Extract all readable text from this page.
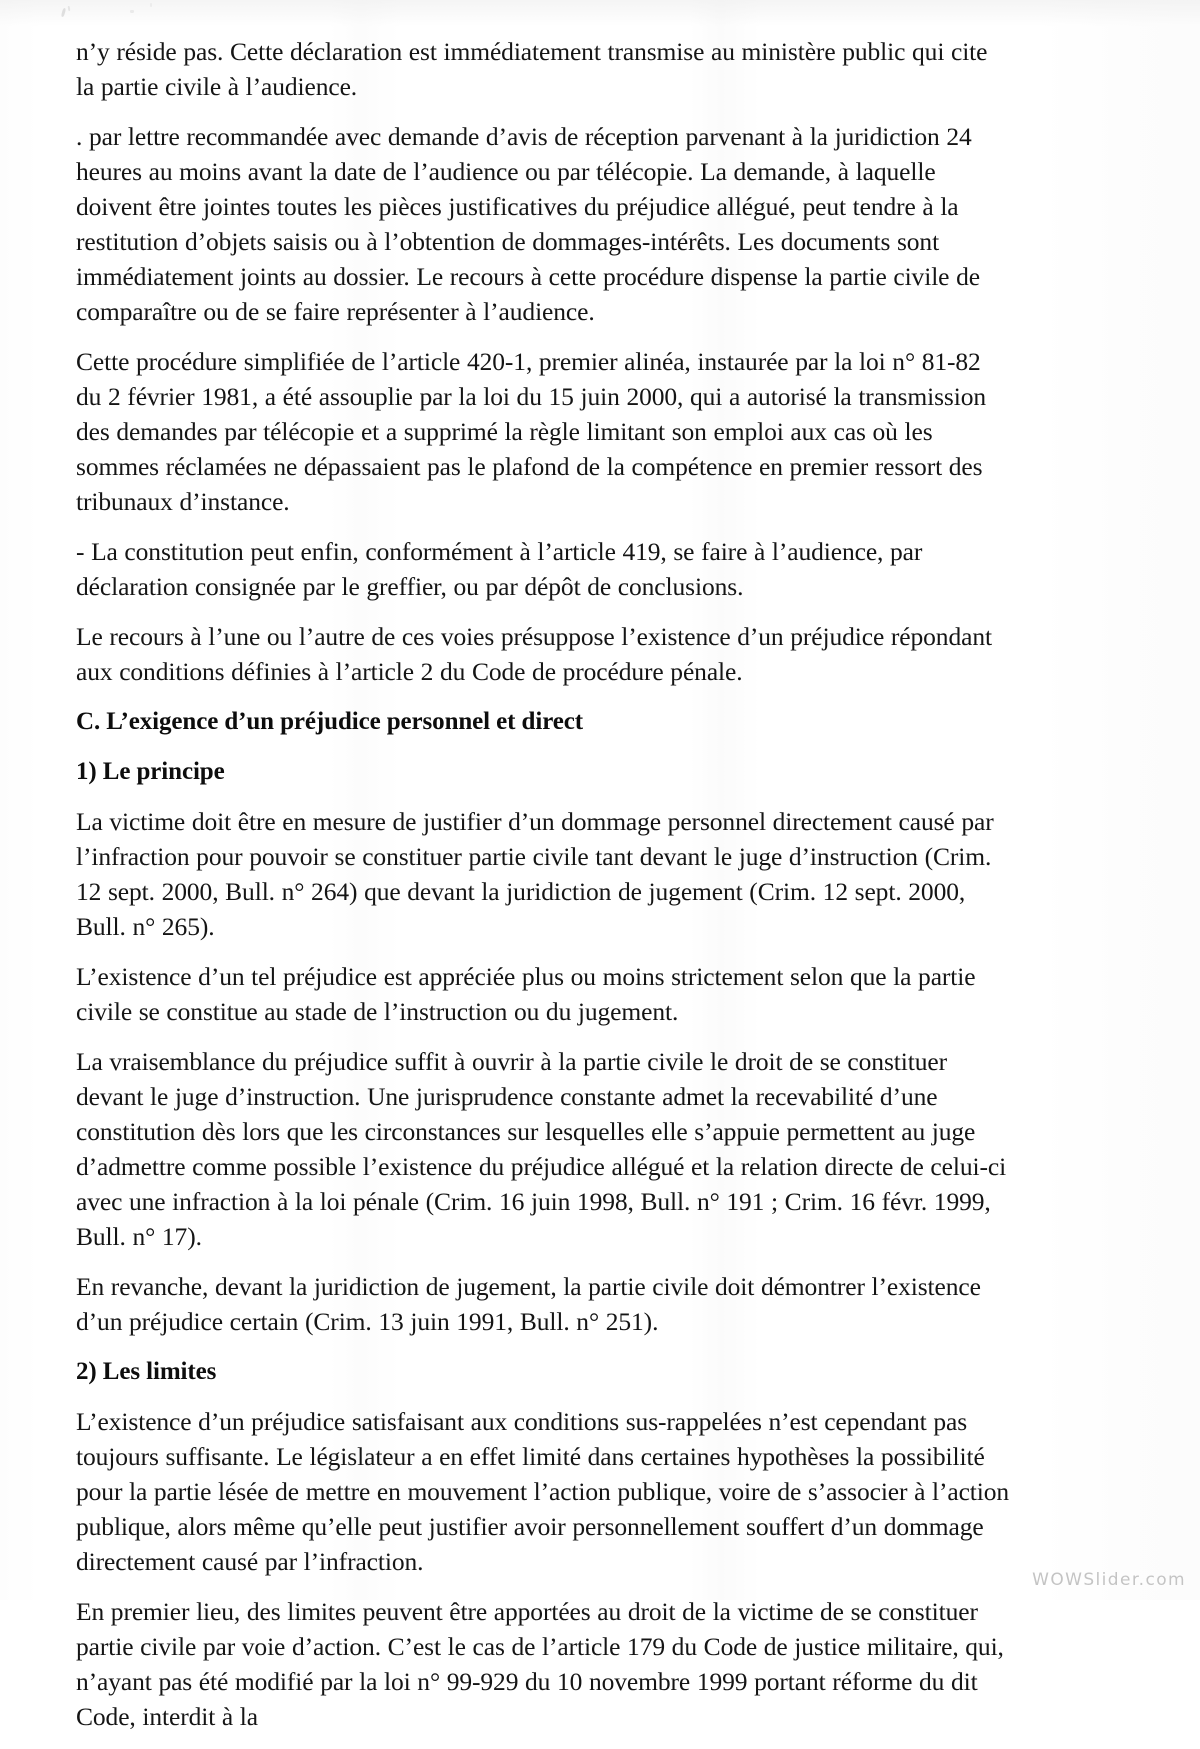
n’y réside pas. Cette déclaration est immédiatement transmise au ministère public qui cite la partie civile à l’audience.

. par lettre recommandée avec demande d’avis de réception parvenant à la juridiction 24 heures au moins avant la date de l’audience ou par télécopie. La demande, à laquelle doivent être jointes toutes les pièces justificatives du préjudice allégué, peut tendre à la restitution d’objets saisis ou à l’obtention de dommages-intérêts. Les documents sont immédiatement joints au dossier. Le recours à cette procédure dispense la partie civile de comparaître ou de se faire représenter à l’audience.

Cette procédure simplifiée de l’article 420-1, premier alinéa, instaurée par la loi n° 81-82 du 2 février 1981, a été assouplie par la loi du 15 juin 2000, qui a autorisé la transmission des demandes par télécopie et a supprimé la règle limitant son emploi aux cas où les sommes réclamées ne dépassaient pas le plafond de la compétence en premier ressort des tribunaux d’instance.

- La constitution peut enfin, conformément à l’article 419, se faire à l’audience, par déclaration consignée par le greffier, ou par dépôt de conclusions.

Le recours à l’une ou l’autre de ces voies présuppose l’existence d’un préjudice répondant aux conditions définies à l’article 2 du Code de procédure pénale.

C. L’exigence d’un préjudice personnel et direct
1) Le principe

La victime doit être en mesure de justifier d’un dommage personnel directement causé par l’infraction pour pouvoir se constituer partie civile tant devant le juge d’instruction (Crim. 12 sept. 2000, Bull. n° 264) que devant la juridiction de jugement (Crim. 12 sept. 2000, Bull. n° 265).

L’existence d’un tel préjudice est appréciée plus ou moins strictement selon que la partie civile se constitue au stade de l’instruction ou du jugement.

La vraisemblance du préjudice suffit à ouvrir à la partie civile le droit de se constituer devant le juge d’instruction. Une jurisprudence constante admet la recevabilité d’une constitution dès lors que les circonstances sur lesquelles elle s’appuie permettent au juge d’admettre comme possible l’existence du préjudice allégué et la relation directe de celui-ci avec une infraction à la loi pénale (Crim. 16 juin 1998, Bull. n° 191 ; Crim. 16 févr. 1999, Bull. n° 17).

En revanche, devant la juridiction de jugement, la partie civile doit démontrer l’existence d’un préjudice certain (Crim. 13 juin 1991, Bull. n° 251).

2) Les limites

L’existence d’un préjudice satisfaisant aux conditions sus-rappelées n’est cependant pas toujours suffisante. Le législateur a en effet limité dans certaines hypothèses la possibilité pour la partie lésée de mettre en mouvement l’action publique, voire de s’associer à l’action publique, alors même qu’elle peut justifier avoir personnellement souffert d’un dommage directement causé par l’infraction.

En premier lieu, des limites peuvent être apportées au droit de la victime de se constituer partie civile par voie d’action. C’est le cas de l’article 179 du Code de justice militaire, qui, n’ayant pas été modifié par la loi n° 99-929 du 10 novembre 1999 portant réforme du dit Code, interdit à la

WOWSlider.com
